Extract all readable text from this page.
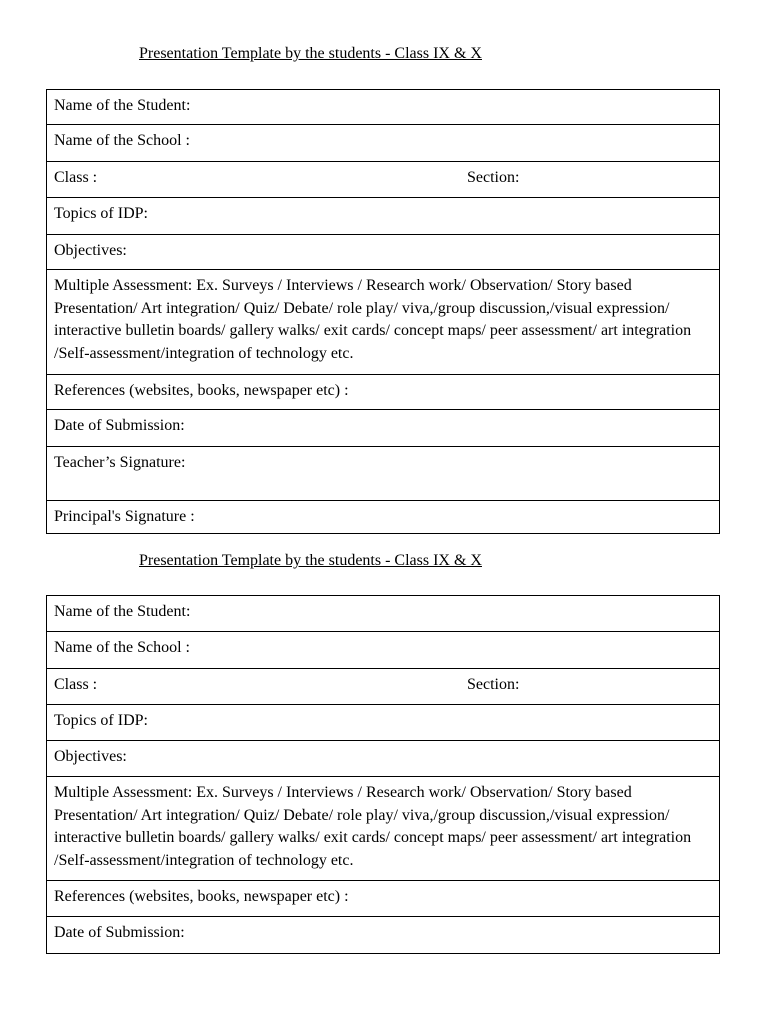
Presentation Template by the students - Class IX & X
Name of the Student:
Name of the School :
Class :	Section:
Topics of IDP:
Objectives:
Multiple Assessment: Ex. Surveys / Interviews / Research work/ Observation/ Story based Presentation/ Art integration/ Quiz/ Debate/ role play/ viva,/group discussion,/visual expression/ interactive bulletin boards/ gallery walks/ exit cards/ concept maps/ peer assessment/ art integration /Self-assessment/integration of technology etc.
References (websites, books, newspaper etc) :
Date of Submission:
Teacher’s Signature:
Principal's Signature :
Presentation Template by the students - Class IX & X
Name of the Student:
Name of the School :
Class :	Section:
Topics of IDP:
Objectives:
Multiple Assessment: Ex. Surveys / Interviews / Research work/ Observation/ Story based Presentation/ Art integration/ Quiz/ Debate/ role play/ viva,/group discussion,/visual expression/ interactive bulletin boards/ gallery walks/ exit cards/ concept maps/ peer assessment/ art integration /Self-assessment/integration of technology etc.
References (websites, books, newspaper etc) :
Date of Submission:
